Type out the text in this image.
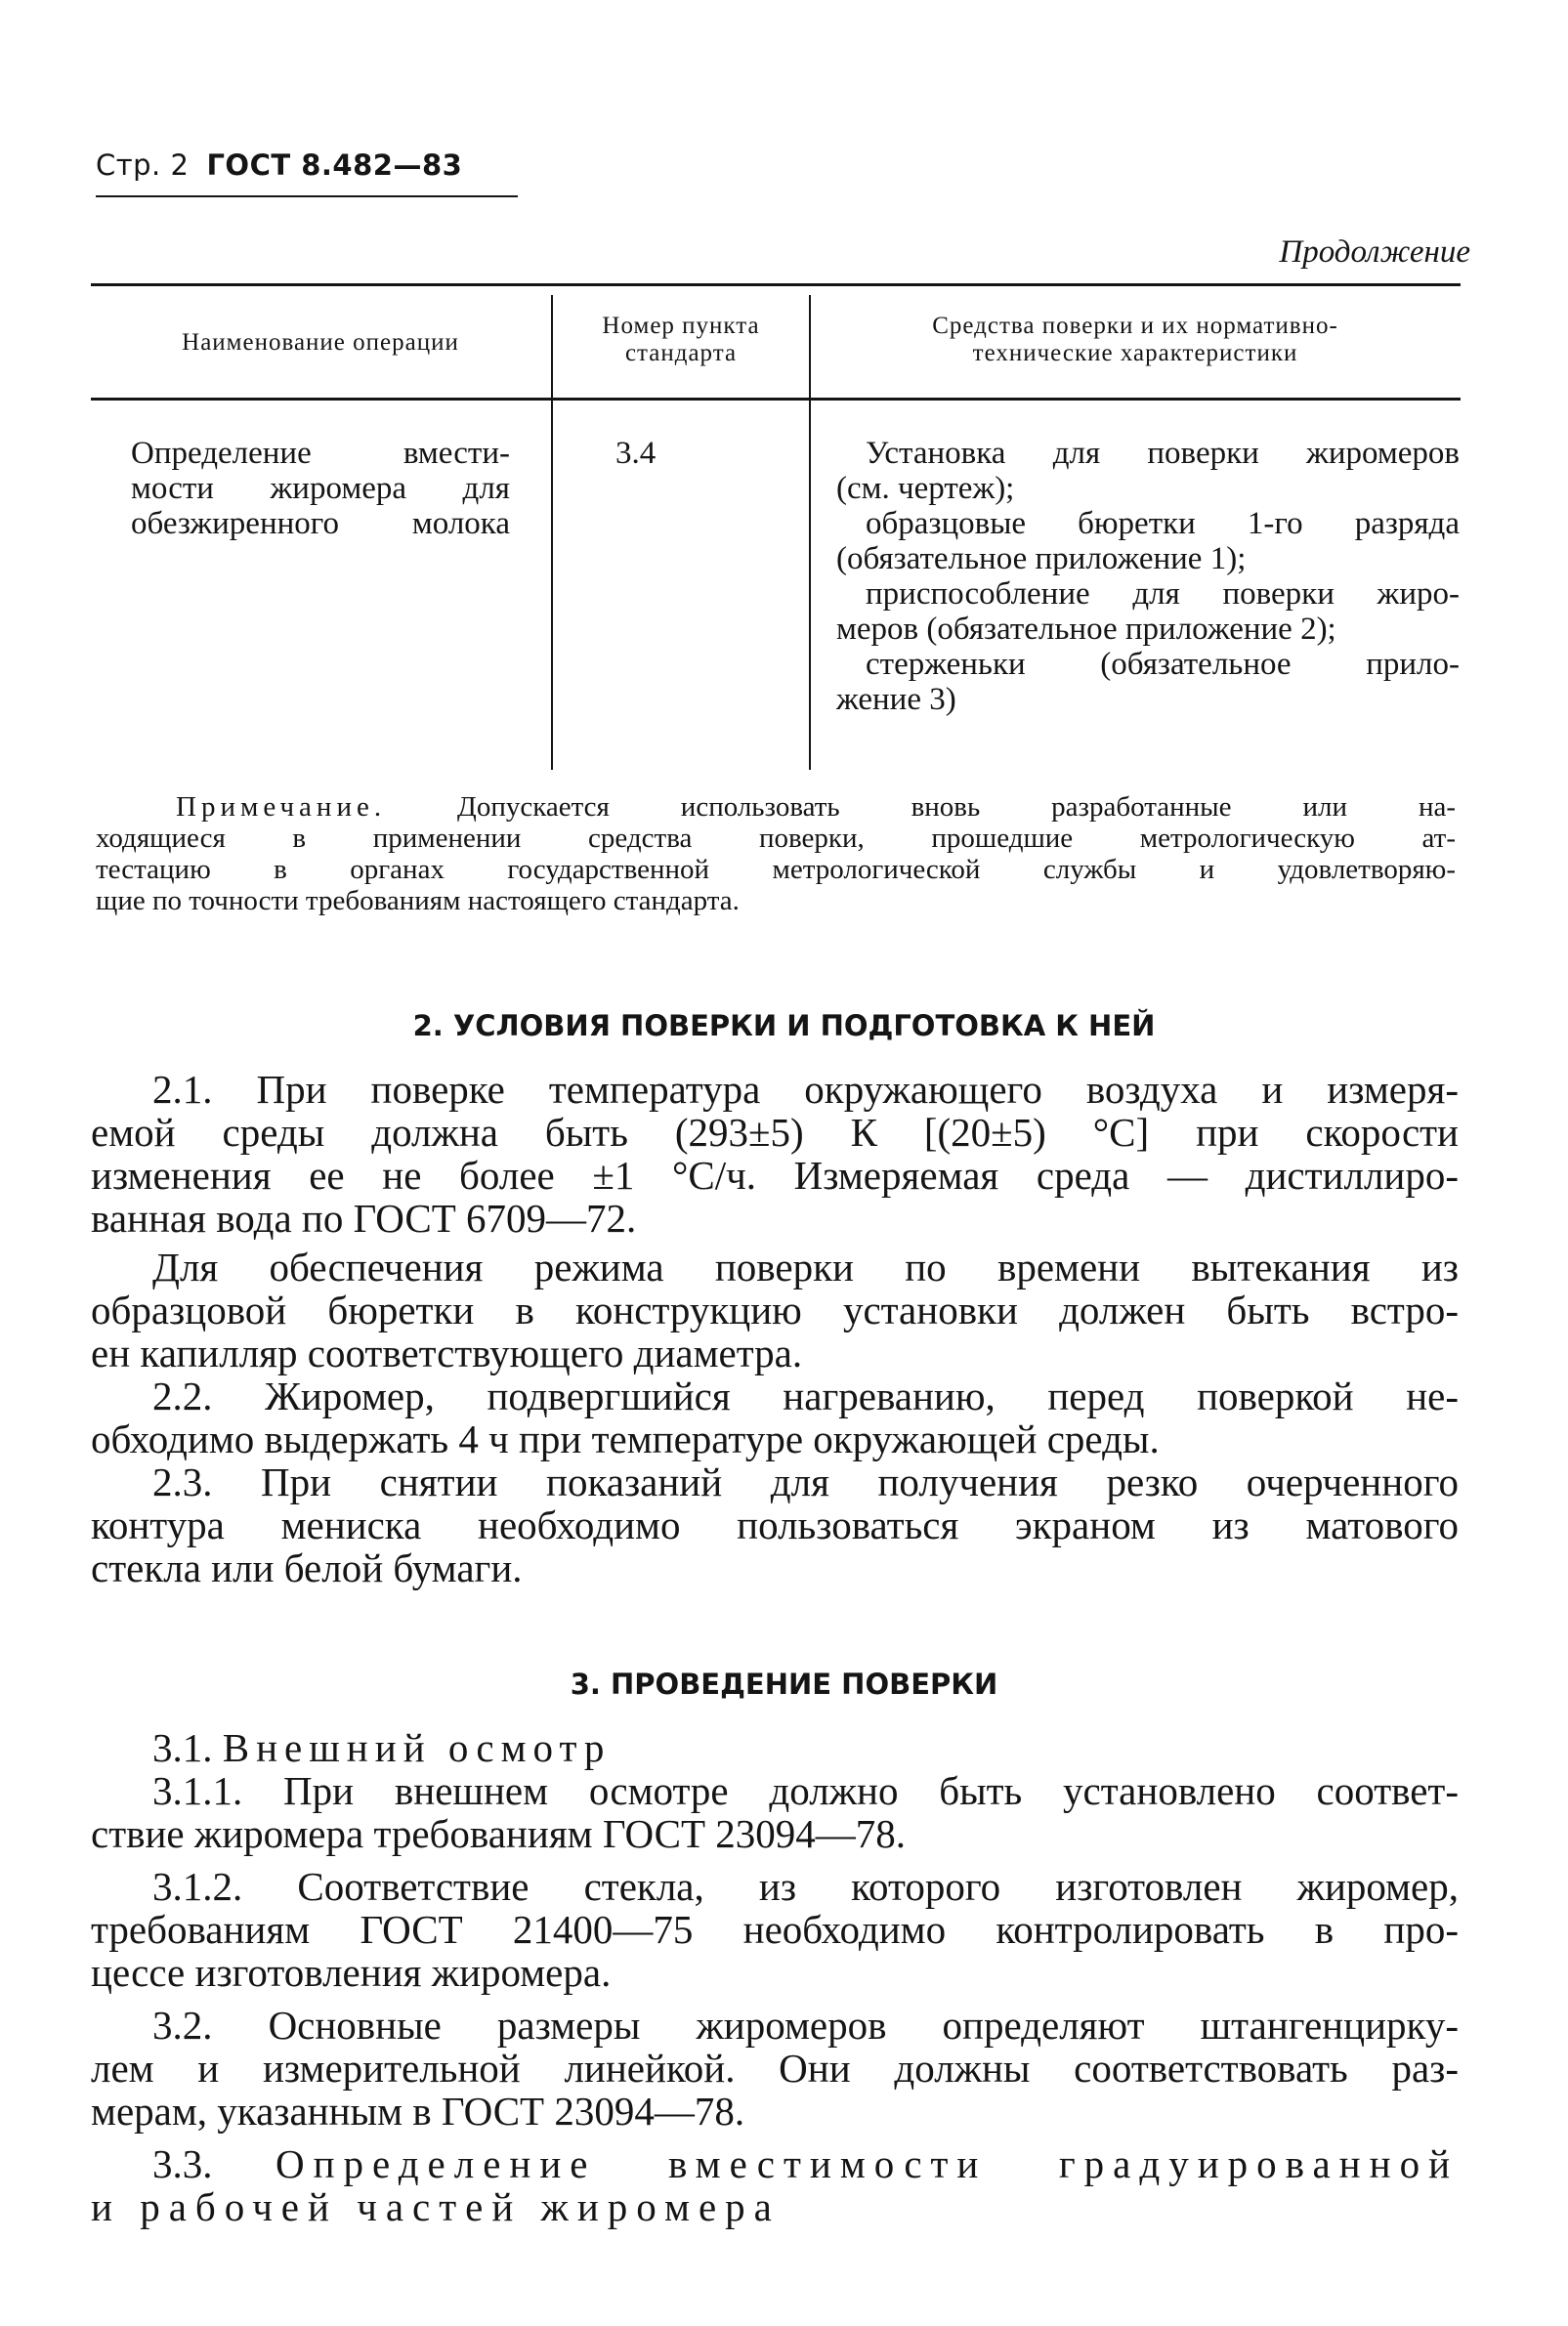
Стр. 2 ГОСТ 8.482—83
Продолжение
Наименование операции
Номер пункта
стандарта
Средства поверки и их нормативно-
технические характеристики
Определение вмести-
мости жиромера для
обезжиренного молока
3.4	Установка для поверки жиромеров
(см. чертеж);
образцовые бюретки 1-го разряда
(обязательное приложение 1);
приспособление для поверки жиро-
меров (обязательное приложение 2);
стерженьки (обязательное прило-
жение 3)
Примечание.	Допускается использовать вновь разработанные или на-
ходящиеся в применении средства поверки, прошедшие метрологическую ат-
тестацию в органах государственной метрологической службы и удовлетворяю-
щие по точности требованиям настоящего стандарта.
2. УСЛОВИЯ ПОВЕРКИ И ПОДГОТОВКА К НЕЙ
2.1. При поверке температура окружающего воздуха и измеря-
емой среды должна быть (293±5) К [(20±5) °С] при скорости
изменения ее не более ±1 °С/ч. Измеряемая среда — дистиллиро-
ванная вода по ГОСТ 6709—72.
Для обеспечения режима поверки по времени вытекания из
образцовой бюретки в конструкцию установки должен быть встро-
ен капилляр соответствующего диаметра.
2.2. Жиромер, подвергшийся нагреванию, перед поверкой не-
обходимо выдержать 4 ч при температуре окружающей среды.
2.3. При снятии показаний для получения резко очерченного
контура мениска необходимо пользоваться экраном из матового
стекла или белой бумаги.
3. ПРОВЕДЕНИЕ ПОВЕРКИ
3.1. Внешний осмотр
3.1.1. При внешнем осмотре должно быть установлено соответ-
ствие жиромера требованиям ГОСТ 23094—78.
3.1.2. Соответствие стекла, из которого изготовлен жиромер,
требованиям ГОСТ 21400—75 необходимо контролировать в про-
цессе изготовления жиромера.
3.2. Основные размеры жиромеров определяют штангенцирку-
лем и измерительной линейкой. Они должны соответствовать раз-
мерам, указанным в ГОСТ 23094—78.
3.3. Определение вместимости градуированной
и рабочей частей жиромера
